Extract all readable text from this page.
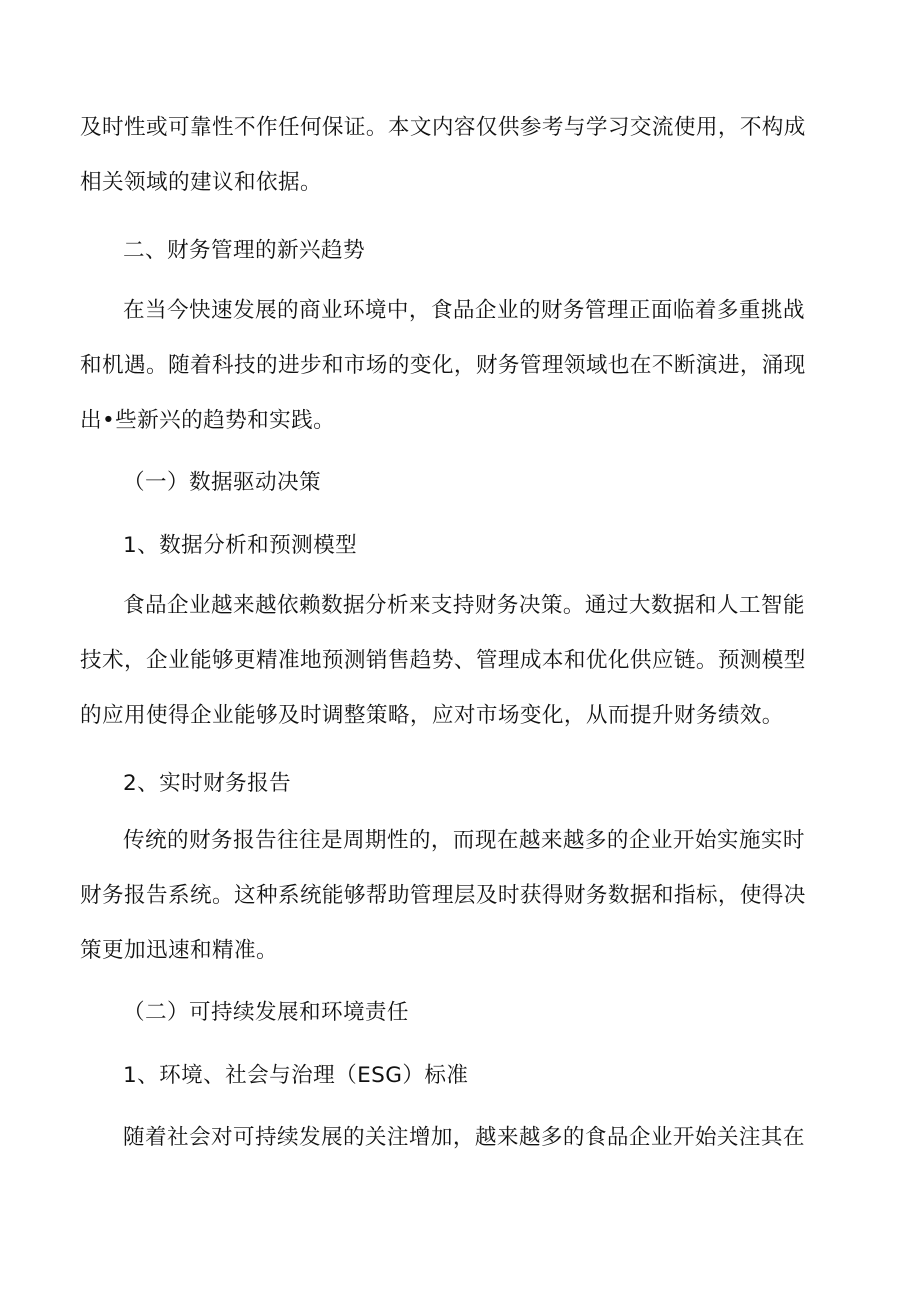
及时性或可靠性不作任何保证。本文内容仅供参考与学习交流使用，不构成
相关领域的建议和依据。
二、财务管理的新兴趋势
在当今快速发展的商业环境中，食品企业的财务管理正面临着多重挑战
和机遇。随着科技的进步和市场的变化，财务管理领域也在不断演进，涌现
出•些新兴的趋势和实践。
（一）数据驱动决策
1、数据分析和预测模型
食品企业越来越依赖数据分析来支持财务决策。通过大数据和人工智能
技术，企业能够更精准地预测销售趋势、管理成本和优化供应链。预测模型
的应用使得企业能够及时调整策略，应对市场变化，从而提升财务绩效。
2、实时财务报告
传统的财务报告往往是周期性的，而现在越来越多的企业开始实施实时
财务报告系统。这种系统能够帮助管理层及时获得财务数据和指标，使得决
策更加迅速和精准。
（二）可持续发展和环境责任
1、环境、社会与治理（ESG）标准
随着社会对可持续发展的关注增加，越来越多的食品企业开始关注其在
